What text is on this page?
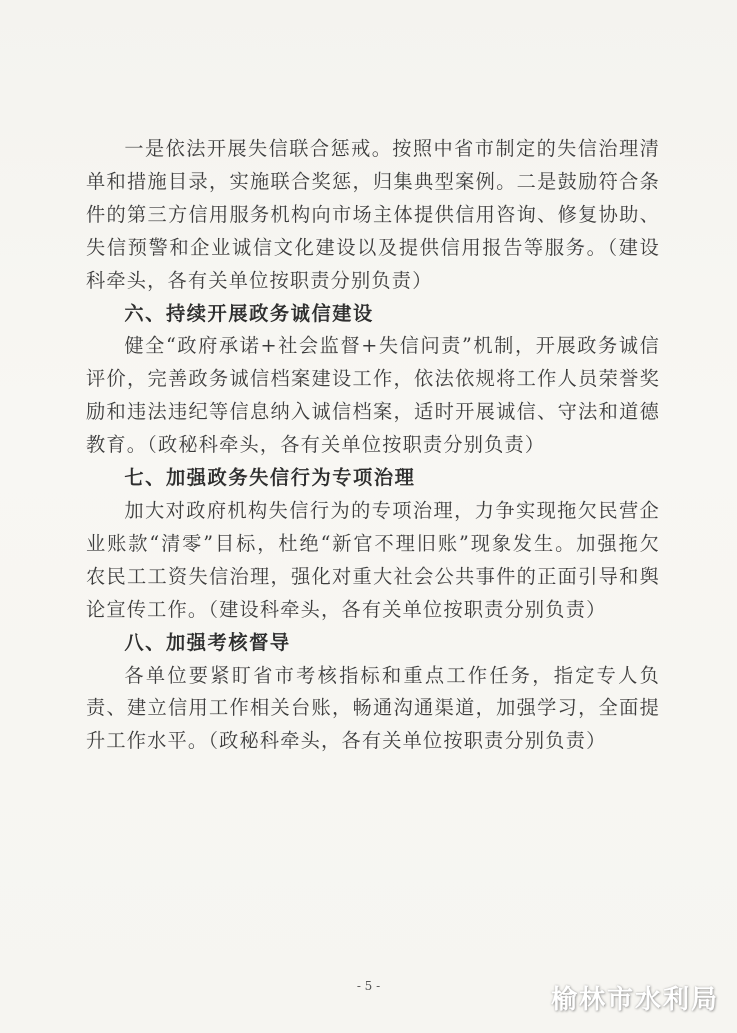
一是依法开展失信联合惩戒。按照中省市制定的失信治理清单和措施目录，实施联合奖惩，归集典型案例。二是鼓励符合条件的第三方信用服务机构向市场主体提供信用咨询、修复协助、失信预警和企业诚信文化建设以及提供信用报告等服务。（建设科牵头，各有关单位按职责分别负责）

六、持续开展政务诚信建设

健全“政府承诺+社会监督+失信问责”机制，开展政务诚信评价，完善政务诚信档案建设工作，依法依规将工作人员荣誉奖励和违法违纪等信息纳入诚信档案，适时开展诚信、守法和道德教育。（政秘科牵头，各有关单位按职责分别负责）

七、加强政务失信行为专项治理

加大对政府机构失信行为的专项治理，力争实现拖欠民营企业账款“清零”目标，杜绝“新官不理旧账”现象发生。加强拖欠农民工工资失信治理，强化对重大社会公共事件的正面引导和舆论宣传工作。（建设科牵头，各有关单位按职责分别负责）

八、加强考核督导

各单位要紧盯省市考核指标和重点工作任务，指定专人负责、建立信用工作相关台账，畅通沟通渠道，加强学习，全面提升工作水平。（政秘科牵头，各有关单位按职责分别负责）

- 5 -	榆林市水利局
